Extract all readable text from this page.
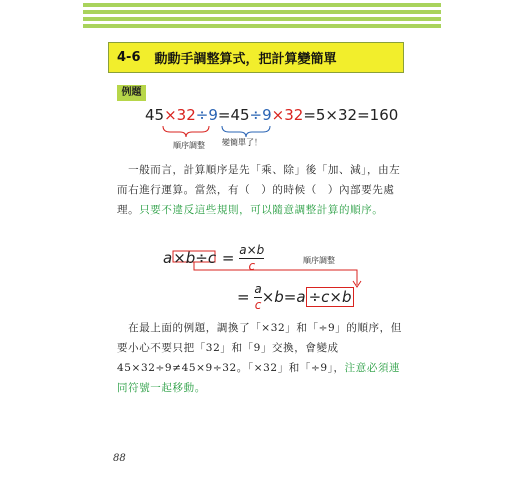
4-6 動動手調整算式，把計算變簡單
例題
45×32÷9=45÷9×32=5×32=160
順序調整 變簡單了！

　一般而言，計算順序是先「乘、除」後「加、減」，由左而右進行運算。當然，有（　）的時候（　）內部要先處理。只要不違反這些規則，可以隨意調整計算的順序。

$a\times b\div c = \frac{a\times b}{c}$	順序調整
= $\frac{a}{c} \times b=a \div c\times b$

　在最上面的例題，調換了「×32」和「÷9」的順序，但要小心不要只把「32」和「9」交換，會變成45×32÷9≠45×9÷32。「×32」和「÷9」，注意必須連同符號一起移動。

88
